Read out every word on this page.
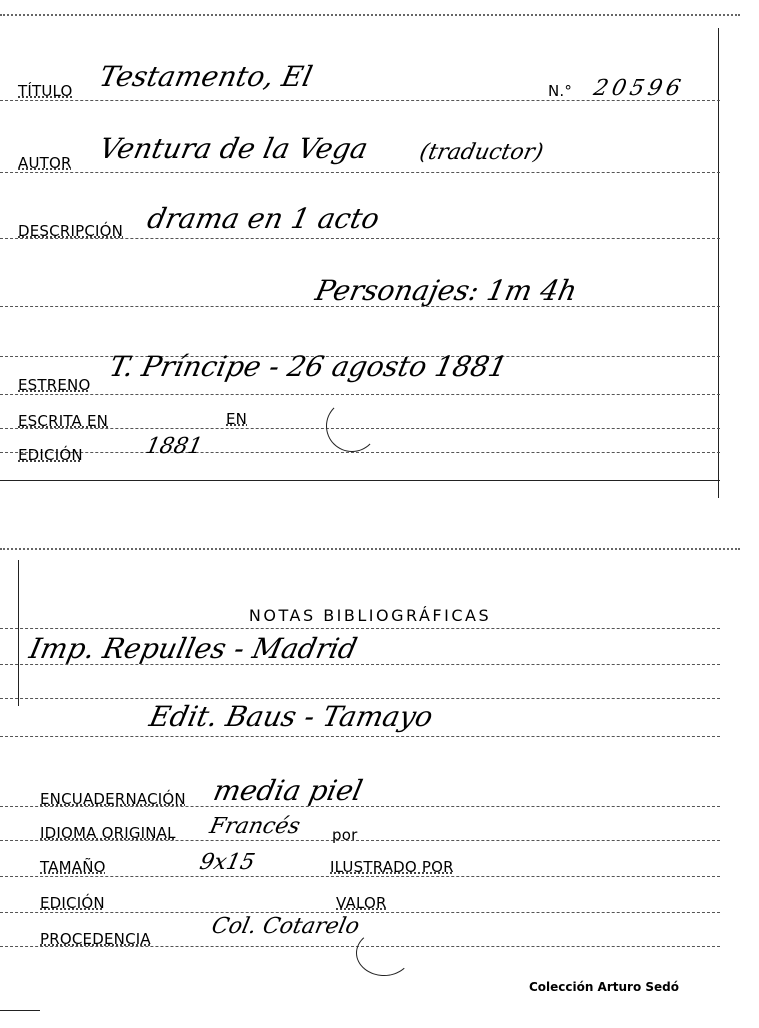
TÍTULO Testamento, El	N.° 20596
AUTOR Ventura de la Vega (traductor)
DESCRIPCIÓN drama en 1 acto
Personajes: 1m 4h
ESTRENO
T. Príncipe - 26 agosto 1881
ESCRITA EN	EN
EDICIÓN	1881
NOTAS BIBLIOGRÁFICAS
Imp. Repulles - Madrid
Edit. Baus - Tamayo
ENCUADERNACIÓN media piel
IDIOMA ORIGINAL Francés por
TAMAÑO	9x15	ILUSTRADO POR
EDICIÓN	VALOR
PROCEDENCIA	Col. Cotarelo
Colección Arturo Sedó
